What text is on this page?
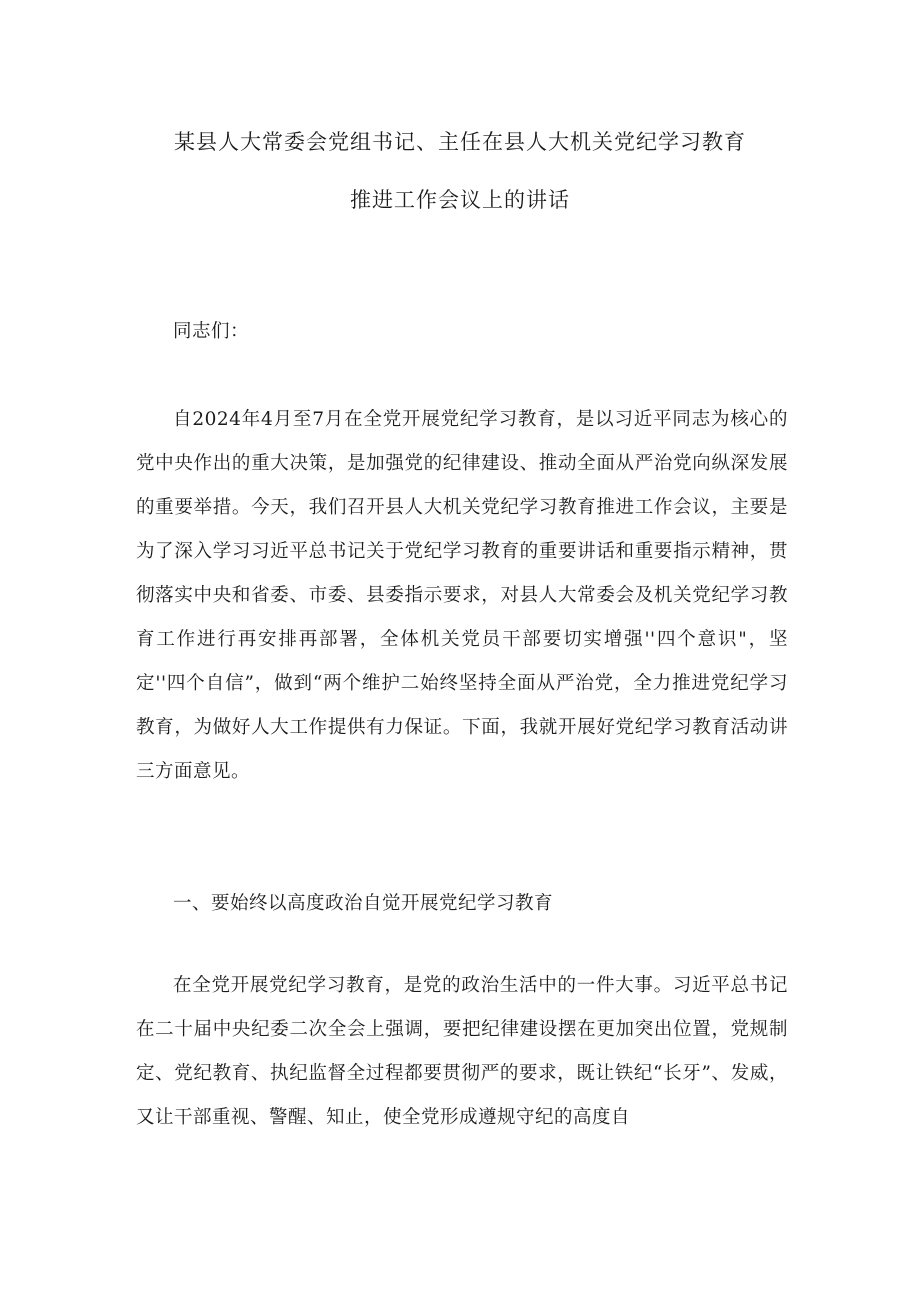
某县人大常委会党组书记、主任在县人大机关党纪学习教育
推进工作会议上的讲话

同志们：

自2024年4月至7月在全党开展党纪学习教育，是以习近平同志为核心的党中央作出的重大决策，是加强党的纪律建设、推动全面从严治党向纵深发展的重要举措。今天，我们召开县人大机关党纪学习教育推进工作会议，主要是为了深入学习习近平总书记关于党纪学习教育的重要讲话和重要指示精神，贯彻落实中央和省委、市委、县委指示要求，对县人大常委会及机关党纪学习教育工作进行再安排再部署，全体机关党员干部要切实增强''四个意识"，坚定''四个自信”，做到“两个维护二始终坚持全面从严治党，全力推进党纪学习教育，为做好人大工作提供有力保证。下面，我就开展好党纪学习教育活动讲三方面意见。

一、要始终以高度政治自觉开展党纪学习教育

在全党开展党纪学习教育，是党的政治生活中的一件大事。习近平总书记在二十届中央纪委二次全会上强调，要把纪律建设摆在更加突出位置，党规制定、党纪教育、执纪监督全过程都要贯彻严的要求，既让铁纪“长牙”、发威，又让干部重视、警醒、知止，使全党形成遵规守纪的高度自
